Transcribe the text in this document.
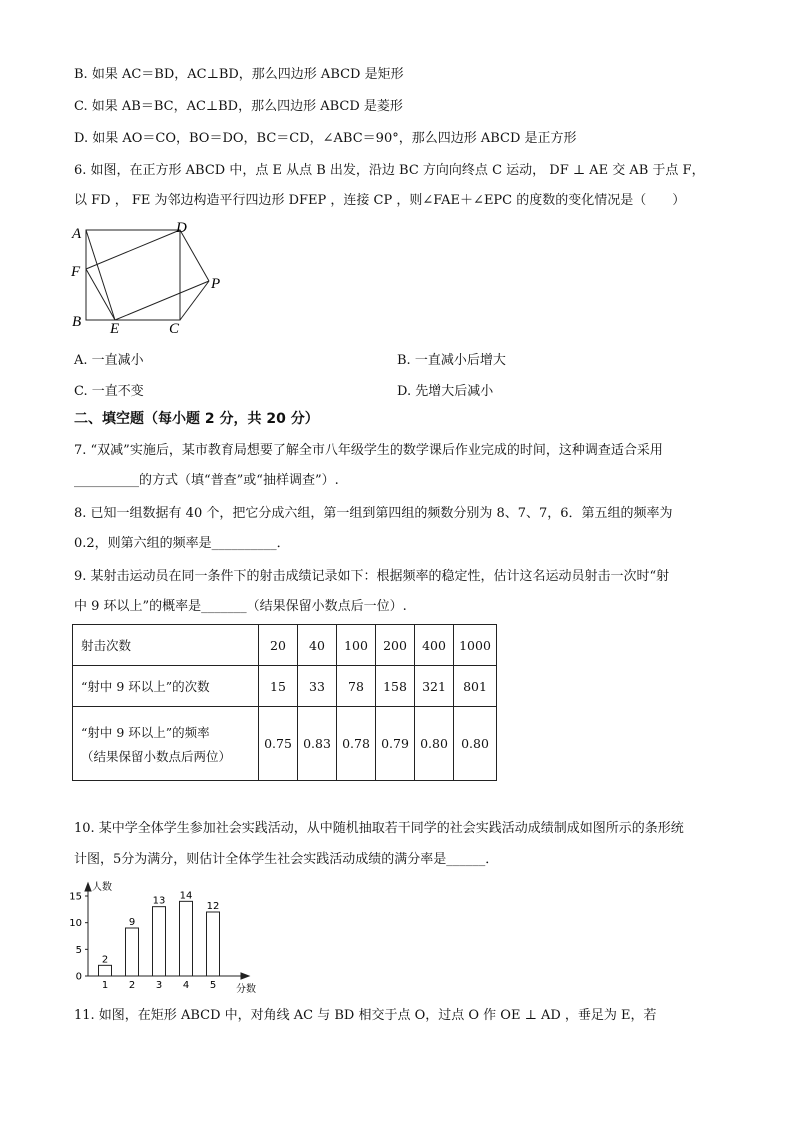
B. 如果 AC＝BD，AC⊥BD，那么四边形 ABCD 是矩形
C. 如果 AB＝BC，AC⊥BD，那么四边形 ABCD 是菱形
D. 如果 AO＝CO，BO＝DO，BC＝CD，∠ABC＝90°，那么四边形 ABCD 是正方形
6. 如图，在正方形 ABCD 中，点 E 从点 B 出发，沿边 BC 方向向终点 C 运动， DF ⊥ AE 交 AB 于点 F，
以 FD ， FE 为邻边构造平行四边形 DFEP ，连接 CP ，则∠FAE＋∠EPC 的度数的变化情况是（　　）
A	D
F
P
B E	C
A. 一直减小	B. 一直减小后增大
C. 一直不变	D. 先增大后减小
二、填空题（每小题 2 分，共 20 分）
7. “双减”实施后，某市教育局想要了解全市八年级学生的数学课后作业完成的时间，这种调查适合采用
__________的方式（填“普查”或“抽样调查”）.
8. 已知一组数据有 40 个，把它分成六组，第一组到第四组的频数分别为 8、7、7，6．第五组的频率为
0.2，则第六组的频率是__________．
9. 某射击运动员在同一条件下的射击成绩记录如下：根据频率的稳定性，估计这名运动员射击一次时“射
中 9 环以上”的概率是_______（结果保留小数点后一位）.
射击次数	20	40	100	200	400	1000
“射中 9 环以上”的次数	15	33	78	158	321	801

“射中 9 环以上”的频率
（结果保留小数点后两位）	0.75	0.83	0.78	0.79	0.80	0.80
10. 某中学全体学生参加社会实践活动，从中随机抽取若干同学的社会实践活动成绩制成如图所示的条形统
计图，5分为满分，则估计全体学生社会实践活动成绩的满分率是______．
人数
分数
0
5
10
15
2
1
9
2
13
3
14
4
12
5
11. 如图，在矩形 ABCD 中，对角线 AC 与 BD 相交于点 O，过点 O 作 OE ⊥ AD ，垂足为 E，若
